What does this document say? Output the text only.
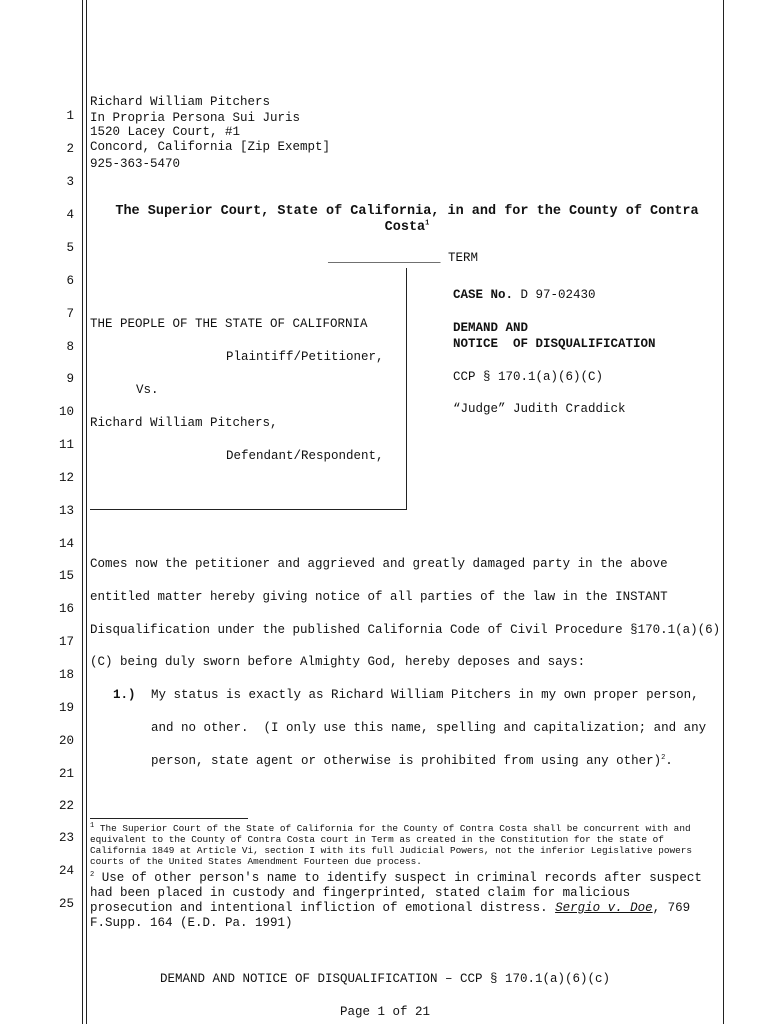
1
2
3
4
5
6
7
8
9
10
11
12
13
14
15
16
17
18
19
20
21
22
23
24
25
Richard William Pitchers
In Propria Persona Sui Juris
1520 Lacey Court, #1
Concord, California [Zip Exempt]
925-363-5470
The Superior Court, State of California, in and for the County of Contra Costa$^1$
_______________ TERM
THE PEOPLE OF THE STATE OF CALIFORNIA
Plaintiff/Petitioner,
Vs.
Richard William Pitchers,
Defendant/Respondent,
CASE No. D 97-02430
DEMAND AND
NOTICE  OF DISQUALIFICATION
CCP § 170.1(a)(6)(C)
“Judge” Judith Craddick
Comes now the petitioner and aggrieved and greatly damaged party in the above
entitled matter hereby giving notice of all parties of the law in the INSTANT
Disqualification under the published California Code of Civil Procedure §170.1(a)(6)
(C) being duly sworn before Almighty God, hereby deposes and says:
1.) My status is exactly as Richard William Pitchers in my own proper person,
and no other.  (I only use this name, spelling and capitalization; and any
person, state agent or otherwise is prohibited from using any other)$^2$.
$^1$ The Superior Court of the State of California for the County of Contra Costa shall be concurrent with and equivalent to the County of Contra Costa court in Term as created in the Constitution for the state of California 1849 at Article Vi, section I with its full Judicial Powers, not the inferior Legislative powers courts of the United States Amendment Fourteen due process.
$^2$ Use of other person's name to identify suspect in criminal records after suspect had been placed in custody and fingerprinted, stated claim for malicious prosecution and intentional infliction of emotional distress. Sergio v. Doe, 769 F.Supp. 164 (E.D. Pa. 1991)
DEMAND AND NOTICE OF DISQUALIFICATION – CCP § 170.1(a)(6)(c)
Page 1 of 21
